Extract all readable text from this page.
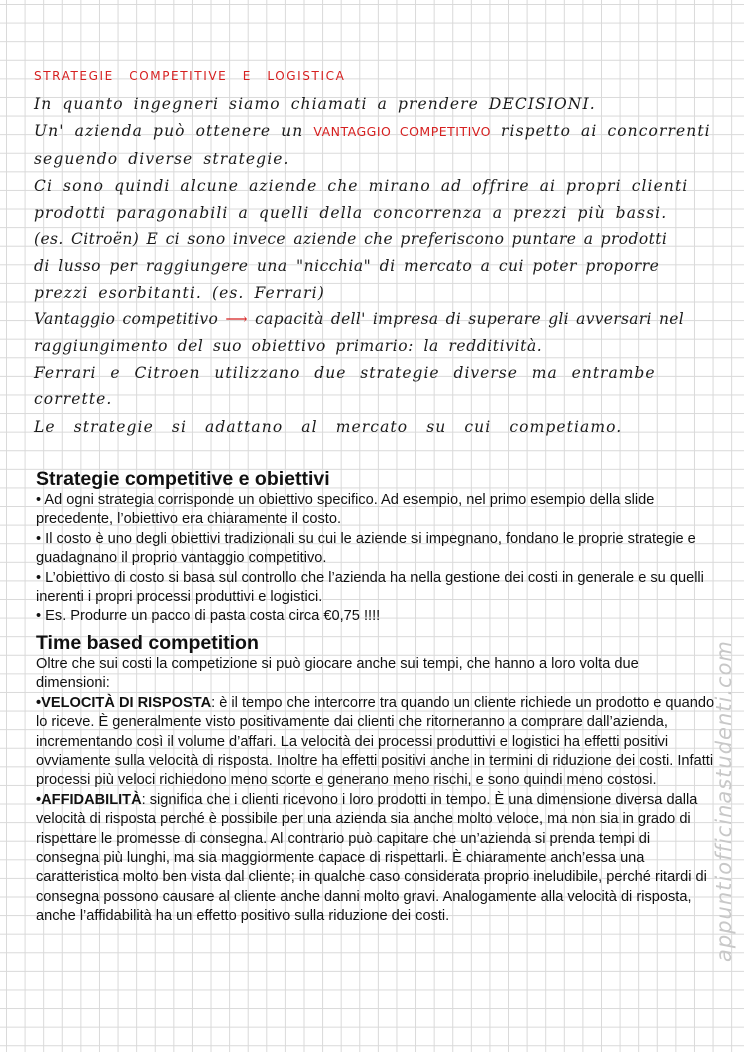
STRATEGIE COMPETITIVE E LOGISTICA
In quanto ingegneri siamo chiamati a prendere DECISIONI.
Un' azienda può ottenere un VANTAGGIO COMPETITIVO rispetto ai concorrenti
seguendo diverse strategie.
Ci sono quindi alcune aziende che mirano ad offrire ai propri clienti
prodotti paragonabili a quelli della concorrenza a prezzi più bassi.
(es. Citroën) E ci sono invece aziende che preferiscono puntare a prodotti
di lusso per raggiungere una "nicchia" di mercato a cui poter proporre
prezzi esorbitanti. (es. Ferrari)
Vantaggio competitivo ⟶ capacità dell' impresa di superare gli avversari nel
raggiungimento del suo obiettivo primario: la redditività.
Ferrari e Citroen utilizzano due strategie diverse ma entrambe
corrette.
Le strategie si adattano al mercato su cui competiamo.
Strategie competitive e obiettivi

• Ad ogni strategia corrisponde un obiettivo specifico. Ad esempio, nel primo esempio della slide precedente, l’obiettivo era chiaramente il costo.

• Il costo è uno degli obiettivi tradizionali su cui le aziende si impegnano, fondano le proprie strategie e guadagnano il proprio vantaggio competitivo.

• L’obiettivo di costo si basa sul controllo che l’azienda ha nella gestione dei costi in generale e su quelli inerenti i propri processi produttivi e logistici.

• Es. Produrre un pacco di pasta costa circa €0,75 !!!!

Time based competition

Oltre che sui costi la competizione si può giocare anche sui tempi, che hanno a loro volta due dimensioni:

•VELOCITÀ DI RISPOSTA: è il tempo che intercorre tra quando un cliente richiede un prodotto e quando lo riceve. È generalmente visto positivamente dai clienti che ritorneranno a comprare dall’azienda, incrementando così il volume d’affari. La velocità dei processi produttivi e logistici ha effetti positivi ovviamente sulla velocità di risposta. Inoltre ha effetti positivi anche in termini di riduzione dei costi. Infatti processi più veloci richiedono meno scorte e generano meno rischi, e sono quindi meno costosi.

•AFFIDABILITÀ: significa che i clienti ricevono i loro prodotti in tempo. È una dimensione diversa dalla velocità di risposta perché è possibile per una azienda sia anche molto veloce, ma non sia in grado di rispettare le promesse di consegna. Al contrario può capitare che un’azienda si prenda tempi di consegna più lunghi, ma sia maggiormente capace di rispettarli. È chiaramente anch’essa una caratteristica molto ben vista dal cliente; in qualche caso considerata proprio ineludibile, perché ritardi di consegna possono causare al cliente anche danni molto gravi. Analogamente alla velocità di risposta, anche l’affidabilità ha un effetto positivo sulla riduzione dei costi.	appuntiofficinastudenti.com
